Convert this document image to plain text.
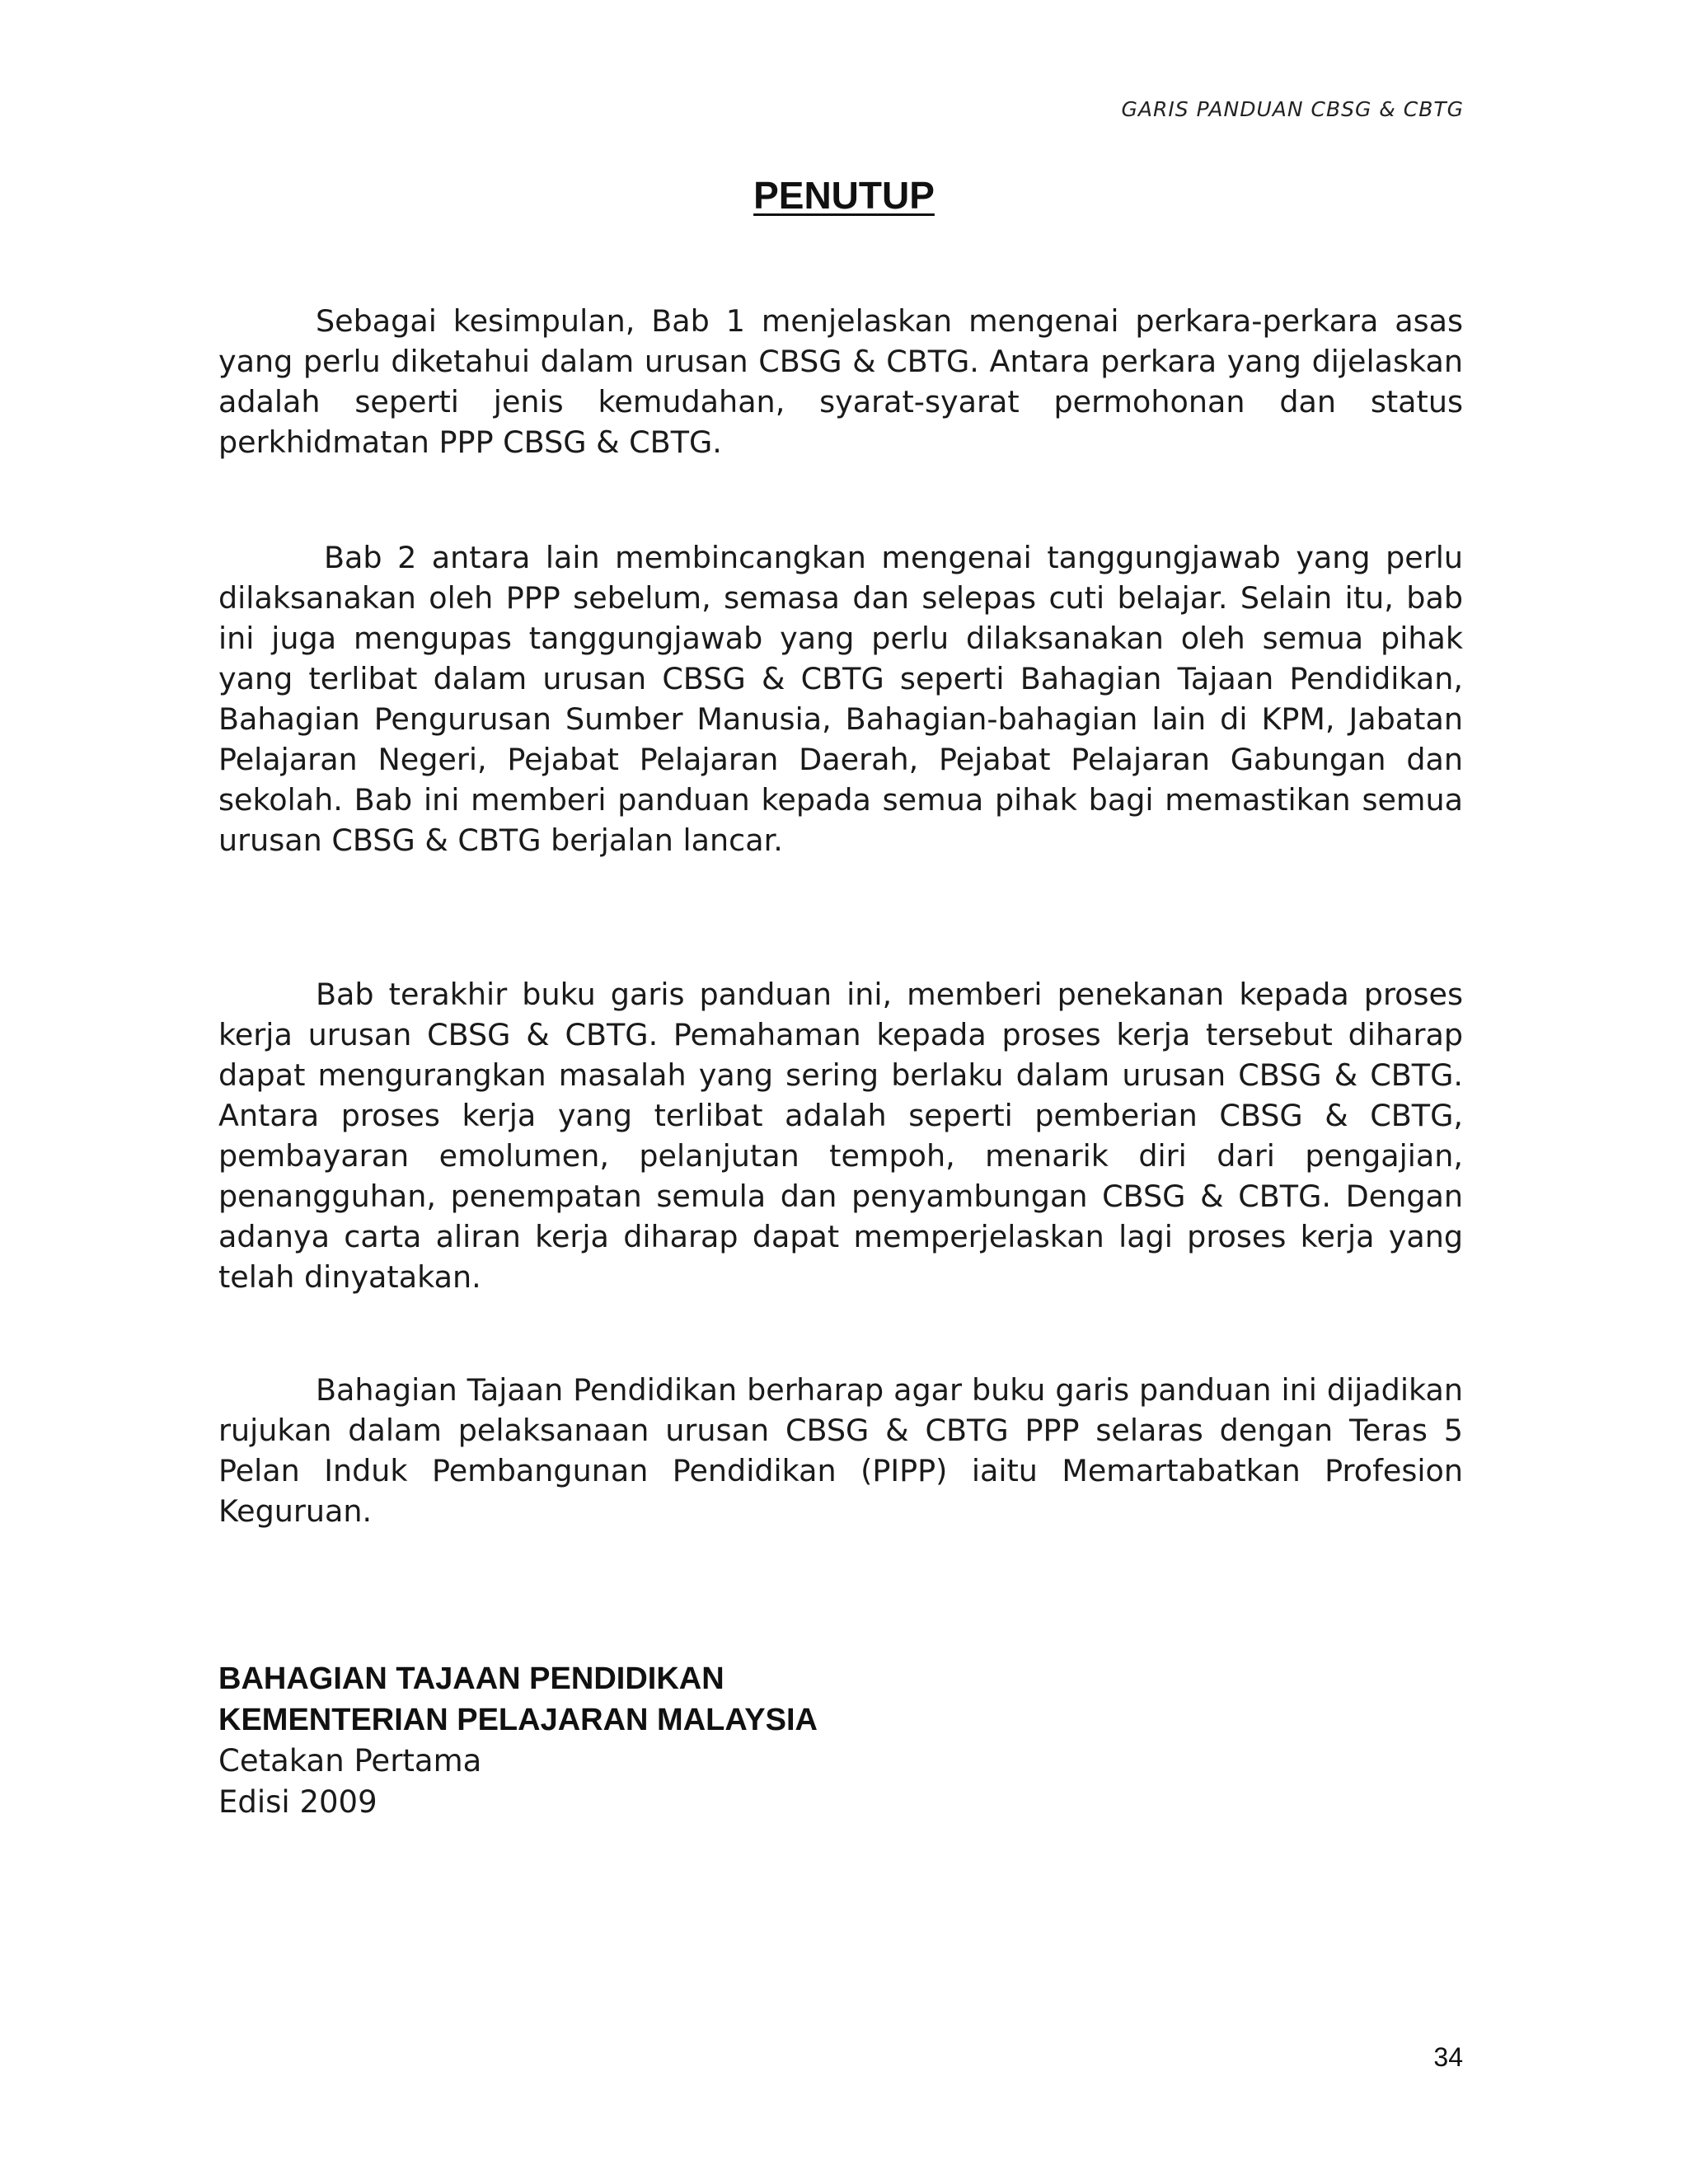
GARIS PANDUAN CBSG & CBTG
PENUTUP

Sebagai kesimpulan, Bab 1 menjelaskan mengenai perkara-perkara asas yang perlu diketahui dalam urusan CBSG & CBTG. Antara perkara yang dijelaskan adalah seperti jenis kemudahan, syarat-syarat permohonan dan status perkhidmatan PPP CBSG & CBTG.

Bab 2 antara lain membincangkan mengenai tanggungjawab yang perlu dilaksanakan oleh PPP sebelum, semasa dan selepas cuti belajar. Selain itu, bab ini juga mengupas tanggungjawab yang perlu dilaksanakan oleh semua pihak yang terlibat dalam urusan CBSG & CBTG seperti Bahagian Tajaan Pendidikan, Bahagian Pengurusan Sumber Manusia, Bahagian-bahagian lain di KPM, Jabatan Pelajaran Negeri, Pejabat Pelajaran Daerah, Pejabat Pelajaran Gabungan dan sekolah. Bab ini memberi panduan kepada semua pihak bagi memastikan semua urusan CBSG & CBTG berjalan lancar.

Bab terakhir buku garis panduan ini, memberi penekanan kepada proses kerja urusan CBSG & CBTG. Pemahaman kepada proses kerja tersebut diharap dapat mengurangkan masalah yang sering berlaku dalam urusan CBSG & CBTG. Antara proses kerja yang terlibat adalah seperti pemberian CBSG & CBTG, pembayaran emolumen, pelanjutan tempoh, menarik diri dari pengajian, penangguhan, penempatan semula dan penyambungan CBSG & CBTG. Dengan adanya carta aliran kerja diharap dapat memperjelaskan lagi proses kerja yang telah dinyatakan.

Bahagian Tajaan Pendidikan berharap agar buku garis panduan ini dijadikan rujukan dalam pelaksanaan urusan CBSG & CBTG PPP selaras dengan Teras 5 Pelan Induk Pembangunan Pendidikan (PIPP) iaitu Memartabatkan Profesion Keguruan.

BAHAGIAN TAJAAN PENDIDIKAN
KEMENTERIAN PELAJARAN MALAYSIA
Cetakan Pertama
Edisi 2009
34
